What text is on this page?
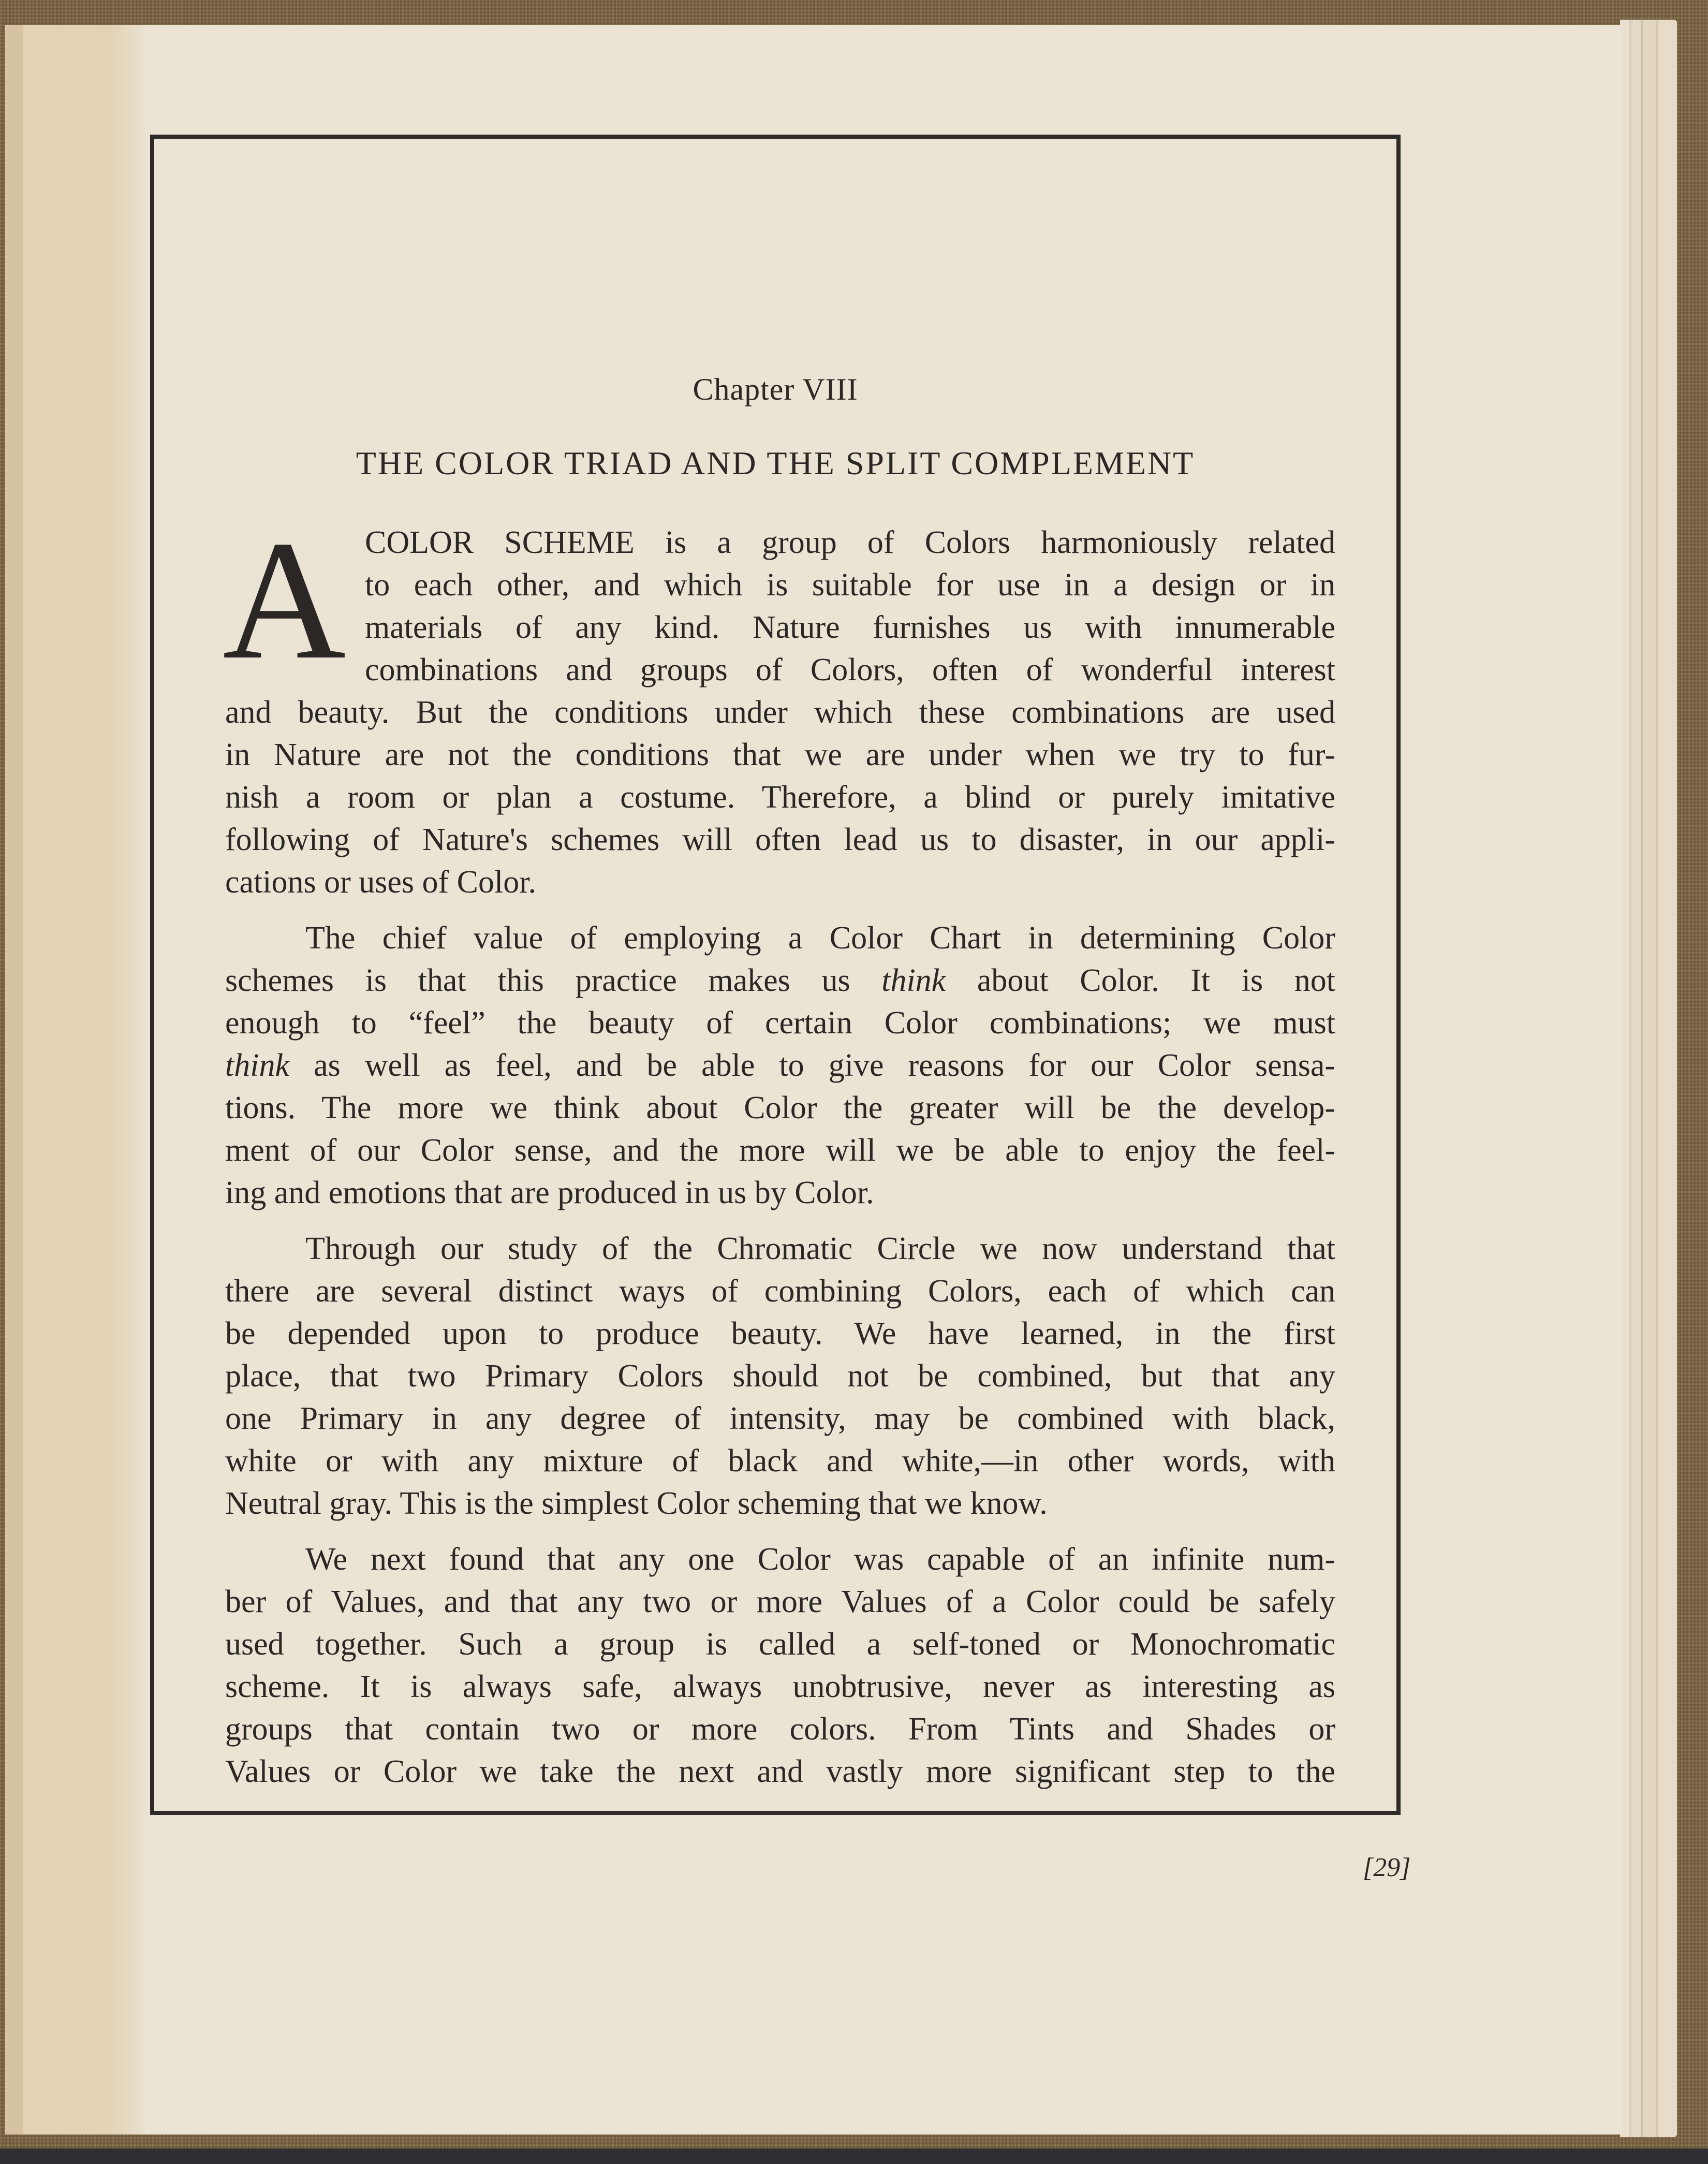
Chapter VIII
THE COLOR TRIAD AND THE SPLIT COMPLEMENT
A COLOR SCHEME is a group of Colors harmoniously related
to each other, and which is suitable for use in a design or in
materials of any kind. Nature furnishes us with innumerable
combinations and groups of Colors, often of wonderful interest
and beauty. But the conditions under which these combinations are used
in Nature are not the conditions that we are under when we try to fur-
nish a room or plan a costume. Therefore, a blind or purely imitative
following of Nature's schemes will often lead us to disaster, in our appli-
cations or uses of Color.
The chief value of employing a Color Chart in determining Color
schemes is that this practice makes us think about Color. It is not
enough to “feel” the beauty of certain Color combinations; we must
think as well as feel, and be able to give reasons for our Color sensa-
tions. The more we think about Color the greater will be the develop-
ment of our Color sense, and the more will we be able to enjoy the feel-
ing and emotions that are produced in us by Color.
Through our study of the Chromatic Circle we now understand that
there are several distinct ways of combining Colors, each of which can
be depended upon to produce beauty. We have learned, in the first
place, that two Primary Colors should not be combined, but that any
one Primary in any degree of intensity, may be combined with black,
white or with any mixture of black and white,—in other words, with
Neutral gray. This is the simplest Color scheming that we know.
We next found that any one Color was capable of an infinite num-
ber of Values, and that any two or more Values of a Color could be safely
used together. Such a group is called a self-toned or Monochromatic
scheme. It is always safe, always unobtrusive, never as interesting as
groups that contain two or more colors. From Tints and Shades or
Values or Color we take the next and vastly more significant step to the
[29]
